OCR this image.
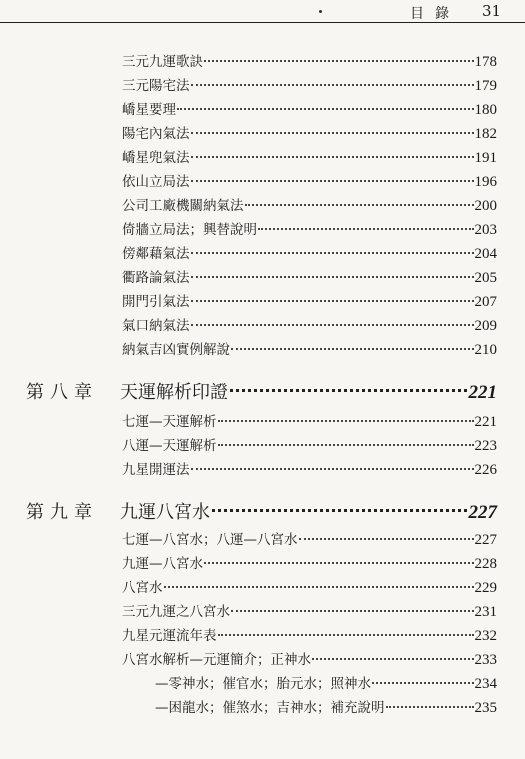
目錄 31
三元九運歌訣	178
三元陽宅法	179
嶠星要理	180
陽宅內氣法	182
嶠星兜氣法	191
依山立局法	196
公司工廠機關納氣法	200
倚牆立局法；興替說明	203
傍鄰藉氣法	204
衢路論氣法	205
開門引氣法	207
氣口納氣法	209
納氣吉凶實例解說	210
第八章	天運解析印證	221
七運—天運解析	221
八運—天運解析	223
九星開運法	226
第九章	九運八宮水	227
七運—八宮水；八運—八宮水	227
九運—八宮水	228
八宮水	229
三元九運之八宮水	231
九星元運流年表	232
八宮水解析—元運簡介；正神水	233
—零神水；催官水；胎元水；照神水	234
—困龍水；催煞水；吉神水；補充說明	235
